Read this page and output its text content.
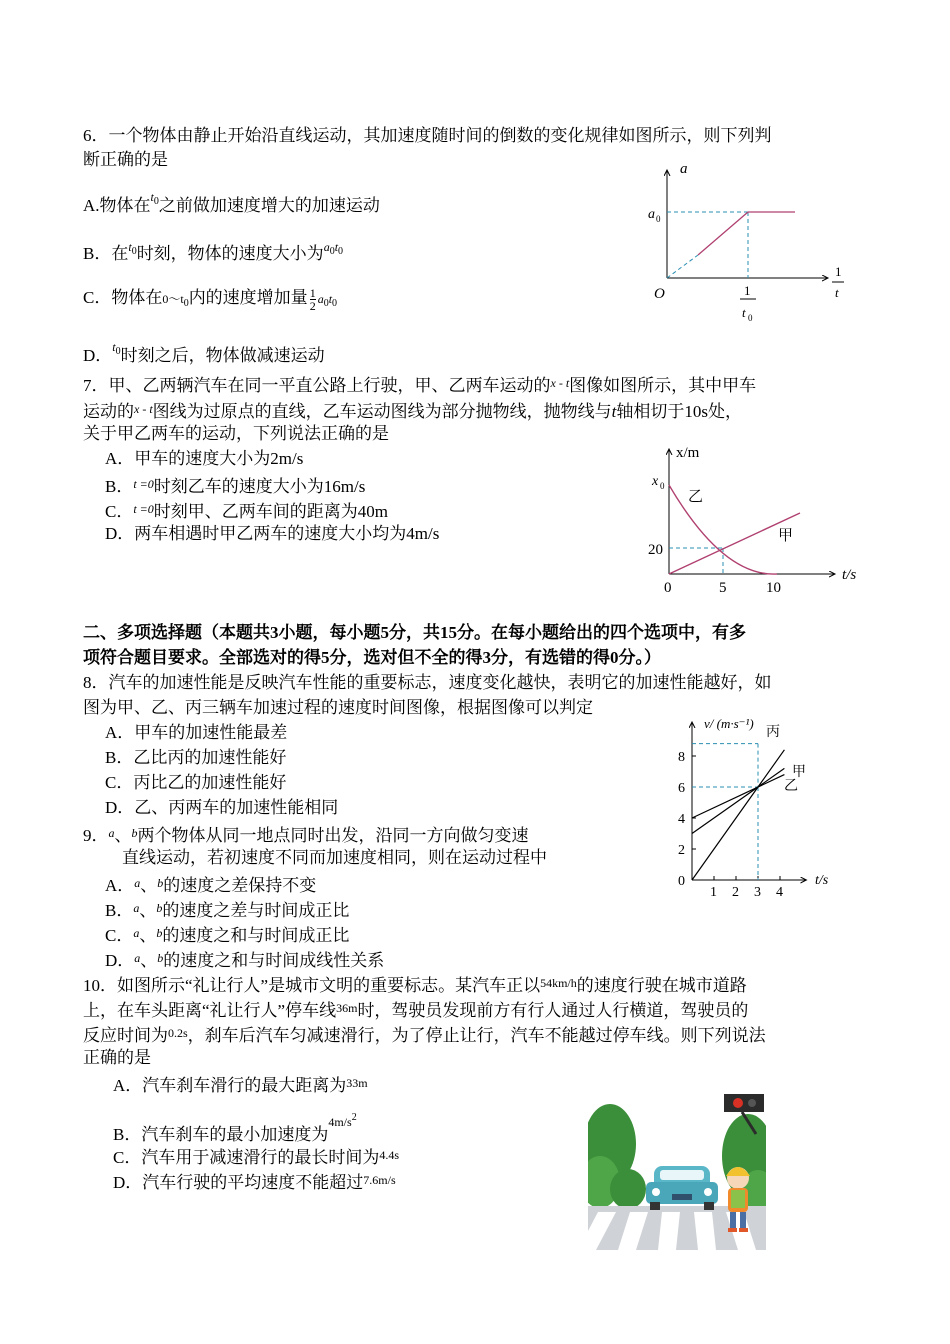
6．一个物体由静止开始沿直线运动，其加速度随时间的倒数的变化规律如图所示，则下列判
断正确的是
A.物体在$^{t0}$之前做加速度增大的加速运动
B．在$^{t0}$时刻，物体的速度大小为$^{a0t0}$
C．物体在0～t0内的速度增加量 $\frac{1}{2} a0t0$
D．$^{t0}$时刻之后，物体做减速运动
a
a 0
O	1
t 0
1
t
7．甲、乙两辆汽车在同一平直公路上行驶，甲、乙两车运动的$^{x - t}$图像如图所示，其中甲车
运动的$^{x - t}$图线为过原点的直线，乙车运动图线为部分抛物线，抛物线与t轴相切于10s处，
关于甲乙两车的运动，下列说法正确的是
A．甲车的速度大小为2m/s
B．$^{t =0}$时刻乙车的速度大小为16m/s
C．$^{t =0}$时刻甲、乙两车间的距离为40m
D．两车相遇时甲乙两车的速度大小均为4m/s
x/m
x 0
20
0	5	10
t/s
乙
甲
二、多项选择题（本题共3小题，每小题5分，共15分。在每小题给出的四个选项中，有多
项符合题目要求。全部选对的得5分，选对但不全的得3分，有选错的得0分。）
8．汽车的加速性能是反映汽车性能的重要标志，速度变化越快，表明它的加速性能越好，如
图为甲、乙、丙三辆车加速过程的速度时间图像，根据图像可以判定
A．甲车的加速性能最差
B．乙比丙的加速性能好
C．丙比乙的加速性能好
D．乙、丙两车的加速性能相同
8
6
4
2
0
1 2 3 4
v/ (m·s⁻¹)
丙
乙
甲
t/s
9．$^a$、$^b$两个物体从同一地点同时出发，沿同一方向做匀变速
直线运动，若初速度不同而加速度相同，则在运动过程中
A．$^a$、$^b$的速度之差保持不变
B．$^a$、$^b$的速度之差与时间成正比
C．$^a$、$^b$的速度之和与时间成正比
D．$^a$、$^b$的速度之和与时间成线性关系
10．如图所示“礼让行人”是城市文明的重要标志。某汽车正以$^{54km/h}$的速度行驶在城市道路
上，在车头距离“礼让行人”停车线$^{36m}$时，驾驶员发现前方有行人通过人行横道，驾驶员的
反应时间为$^{0.2s}$，刹车后汽车匀减速滑行，为了停止让行，汽车不能越过停车线。则下列说法
正确的是
A．汽车刹车滑行的最大距离为$^{33m}$
B．汽车刹车的最小加速度为$^{4m/s2}$
C．汽车用于减速滑行的最长时间为$^{4.4s}$
D．汽车行驶的平均速度不能超过$^{7.6m/s}$
